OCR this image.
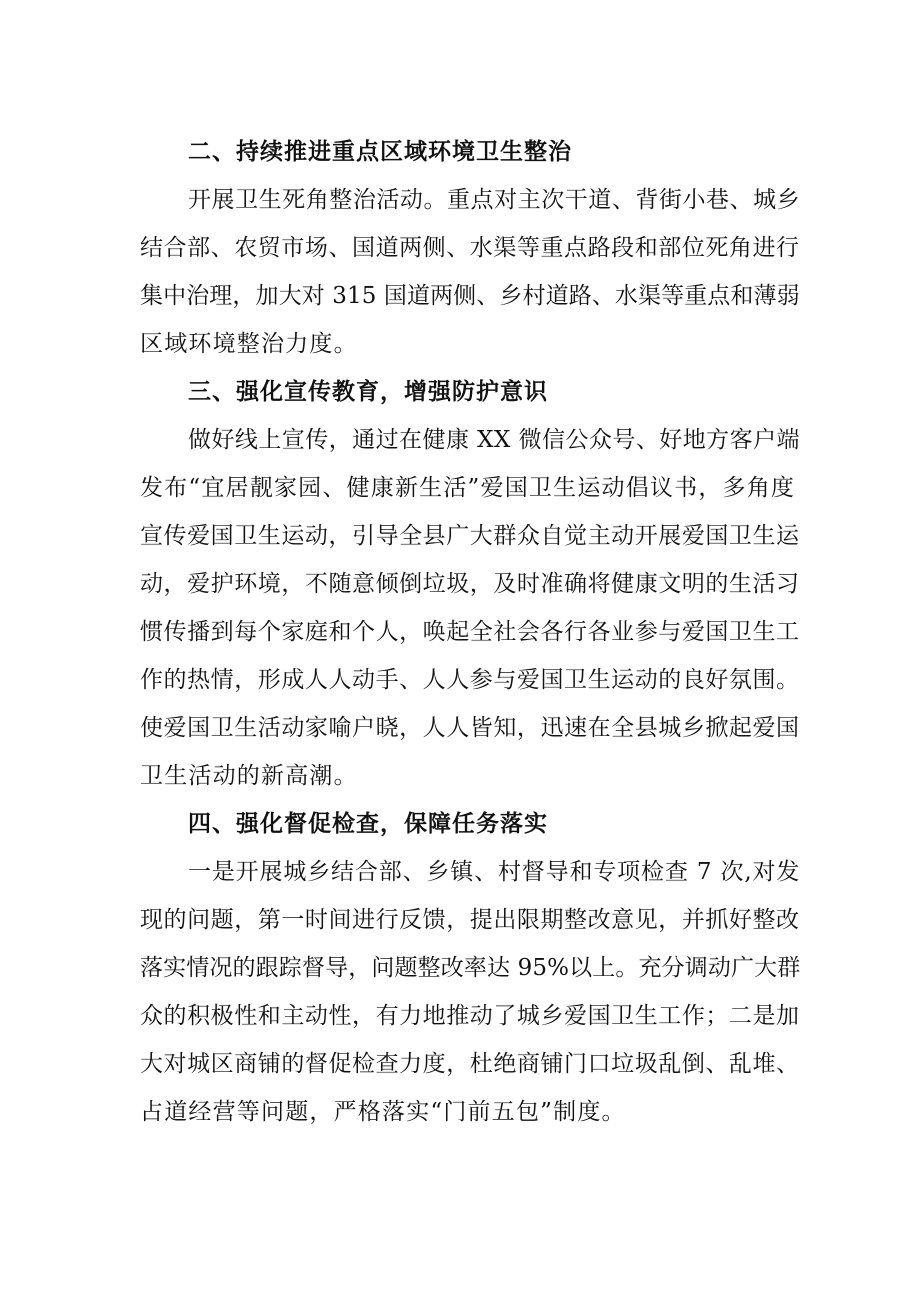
二、持续推进重点区域环境卫生整治
开展卫生死角整治活动。重点对主次干道、背街小巷、城乡
结合部、农贸市场、国道两侧、水渠等重点路段和部位死角进行
集中治理，加大对 315 国道两侧、乡村道路、水渠等重点和薄弱
区域环境整治力度。
三、强化宣传教育，增强防护意识
做好线上宣传，通过在健康 XX 微信公众号、好地方客户端
发布“宜居靓家园、健康新生活”爱国卫生运动倡议书，多角度
宣传爱国卫生运动，引导全县广大群众自觉主动开展爱国卫生运
动，爱护环境，不随意倾倒垃圾，及时准确将健康文明的生活习
惯传播到每个家庭和个人，唤起全社会各行各业参与爱国卫生工
作的热情，形成人人动手、人人参与爱国卫生运动的良好氛围。
使爱国卫生活动家喻户晓，人人皆知，迅速在全县城乡掀起爱国
卫生活动的新高潮。
四、强化督促检查，保障任务落实
一是开展城乡结合部、乡镇、村督导和专项检查 7 次,对发
现的问题，第一时间进行反馈，提出限期整改意见，并抓好整改
落实情况的跟踪督导，问题整改率达 95%以上。充分调动广大群
众的积极性和主动性，有力地推动了城乡爱国卫生工作；二是加
大对城区商铺的督促检查力度，杜绝商铺门口垃圾乱倒、乱堆、
占道经营等问题，严格落实“门前五包”制度。
